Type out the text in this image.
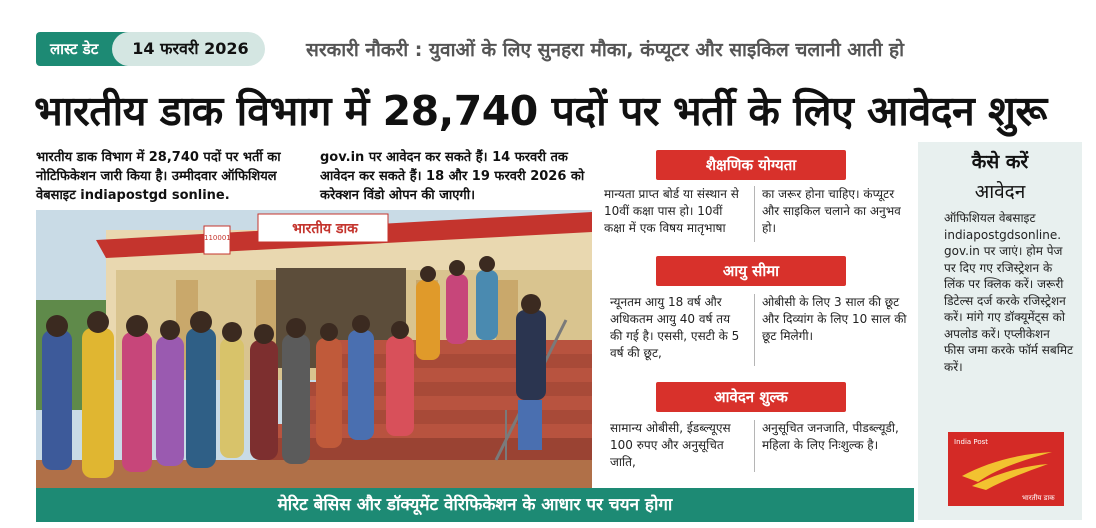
लास्ट डेट	14 फरवरी 2026	सरकारी नौकरी : युवाओं के लिए सुनहरा मौका, कंप्यूटर और साइकिल चलानी आती हो
भारतीय डाक विभाग में 28,740 पदों पर भर्ती के लिए आवेदन शुरू
भारतीय डाक विभाग में 28,740 पदों पर भर्ती का नोटिफिकेशन जारी किया है। उम्मीदवार ऑफिशियल वेबसाइट indiapostgd sonline.
gov.in पर आवेदन कर सकते हैं। 14 फरवरी तक आवेदन कर सकते हैं। 18 और 19 फरवरी 2026 को करेक्शन विंडो ओपन की जाएगी।
भारतीय डाक
110001
शैक्षणिक योग्यता
मान्यता प्राप्त बोर्ड या संस्थान से 10वीं कक्षा पास हो। 10वीं कक्षा में एक विषय मातृभाषा
का जरूर होना चाहिए। कंप्यूटर और साइकिल चलाने का अनुभव हो।
आयु सीमा
न्यूनतम आयु 18 वर्ष और अधिकतम आयु 40 वर्ष तय की गई है। एससी, एसटी के 5 वर्ष की छूट,
ओबीसी के लिए 3 साल की छूट और दिव्यांग के लिए 10 साल की छूट मिलेगी।
आवेदन शुल्क
सामान्य ओबीसी, ईडब्ल्यूएस 100 रुपए और अनुसूचित जाति,
अनुसूचित जनजाति, पीडब्ल्यूडी, महिला के लिए निःशुल्क है।
कैसे करें
आवेदन
ऑफिशियल वेबसाइट indiapostgdsonline. gov.in पर जाएं। होम पेज पर दिए गए रजिस्ट्रेशन के लिंक पर क्लिक करें। जरूरी डिटेल्स दर्ज करके रजिस्ट्रेशन करें। मांगे गए डॉक्यूमेंट्स को अपलोड करें। एप्लीकेशन फीस जमा करके फॉर्म सबमिट करें।
India Post
भारतीय डाक
मेरिट बेसिस और डॉक्यूमेंट वेरिफिकेशन के आधार पर चयन होगा
